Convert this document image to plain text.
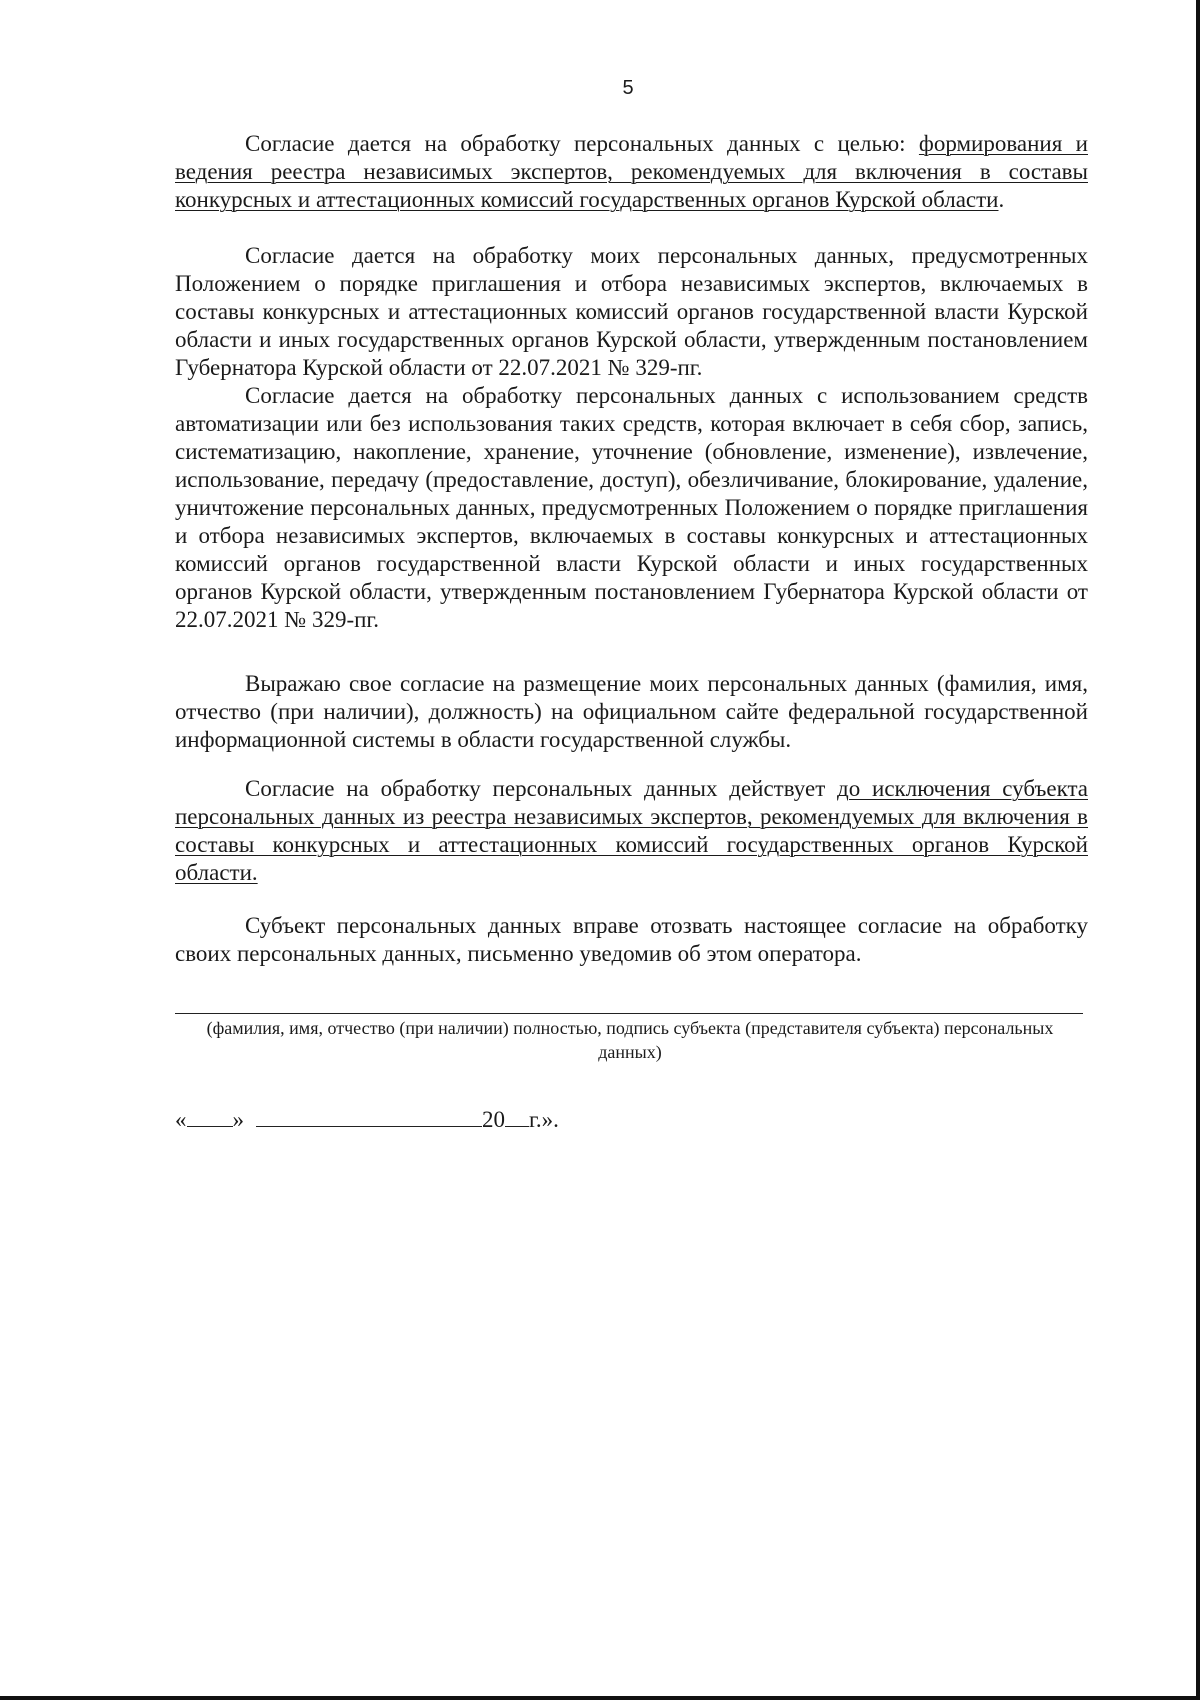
5

Согласие дается на обработку персональных данных с целью: формирования и ведения реестра независимых экспертов, рекомендуемых для включения в составы конкурсных и аттестационных комиссий государственных органов Курской области.

Согласие дается на обработку моих персональных данных, предусмотренных Положением о порядке приглашения и отбора независимых экспертов, включаемых в составы конкурсных и аттестационных комиссий органов государственной власти Курской области и иных государственных органов Курской области, утвержденным постановлением Губернатора Курской области от 22.07.2021 № 329-пг.

Согласие дается на обработку персональных данных с использованием средств автоматизации или без использования таких средств, которая включает в себя сбор, запись, систематизацию, накопление, хранение, уточнение (обновление, изменение), извлечение, использование, передачу (предоставление, доступ), обезличивание, блокирование, удаление, уничтожение персональных данных, предусмотренных Положением о порядке приглашения и отбора независимых экспертов, включаемых в составы конкурсных и аттестационных комиссий органов государственной власти Курской области и иных государственных органов Курской области, утвержденным постановлением Губернатора Курской области от 22.07.2021 № 329-пг.

Выражаю свое согласие на размещение моих персональных данных (фамилия, имя, отчество (при наличии), должность) на официальном сайте федеральной государственной информационной системы в области государственной службы.

Согласие на обработку персональных данных действует до исключения субъекта персональных данных из реестра независимых экспертов, рекомендуемых для включения в составы конкурсных и аттестационных комиссий государственных органов Курской области.

Субъект персональных данных вправе отозвать настоящее согласие на обработку своих персональных данных, письменно уведомив об этом оператора.

(фамилия, имя, отчество (при наличии) полностью, подпись субъекта (представителя субъекта) персональных данных)
« »	20 г.».
